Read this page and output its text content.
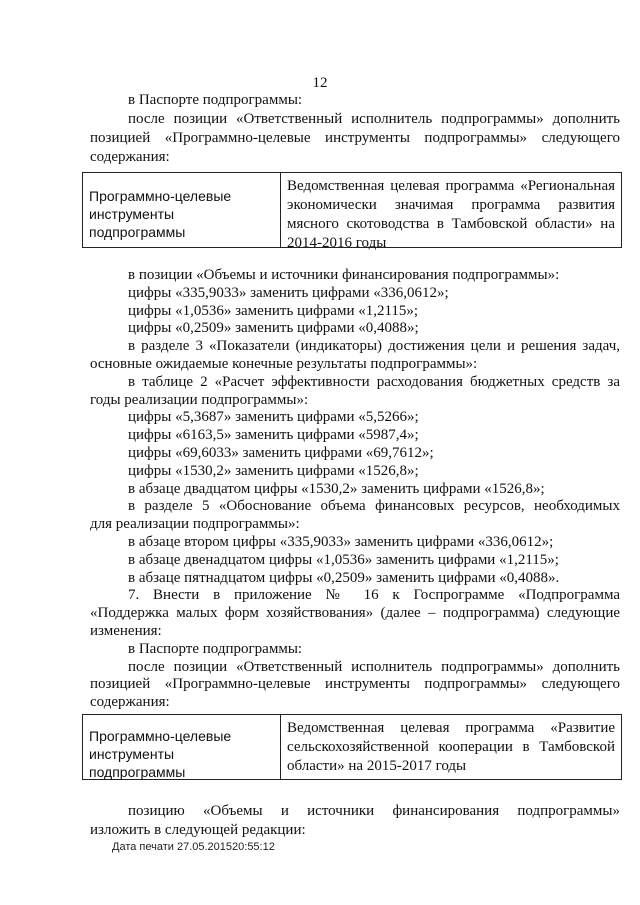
12
в Паспорте подпрограммы:
после позиции «Ответственный исполнитель подпрограммы» дополнить
позицией «Программно-целевые инструменты подпрограммы» следующего
содержания:
Программно-целевые инструменты подпрограммы
Ведомственная целевая программа «Региональная экономически значимая программа развития мясного скотоводства в Тамбовской области» на 2014-2016 годы
в позиции «Объемы и источники финансирования подпрограммы»:
цифры «335,9033» заменить цифрами «336,0612»;
цифры «1,0536» заменить цифрами «1,2115»;
цифры «0,2509» заменить цифрами «0,4088»;
в разделе 3 «Показатели (индикаторы) достижения цели и решения задач,
основные ожидаемые конечные результаты подпрограммы»:
в таблице 2 «Расчет эффективности расходования бюджетных средств за
годы реализации подпрограммы»:
цифры «5,3687» заменить цифрами «5,5266»;
цифры «6163,5» заменить цифрами «5987,4»;
цифры «69,6033» заменить цифрами «69,7612»;
цифры «1530,2» заменить цифрами «1526,8»;
в абзаце двадцатом цифры «1530,2» заменить цифрами «1526,8»;
в разделе 5 «Обоснование объема финансовых ресурсов, необходимых
для реализации подпрограммы»:
в абзаце втором цифры «335,9033» заменить цифрами «336,0612»;
в абзаце двенадцатом цифры «1,0536» заменить цифрами «1,2115»;
в абзаце пятнадцатом цифры «0,2509» заменить цифрами «0,4088».
7. Внести в приложение № 16 к Госпрограмме «Подпрограмма
«Поддержка малых форм хозяйствования» (далее – подпрограмма) следующие
изменения:
в Паспорте подпрограммы:
после позиции «Ответственный исполнитель подпрограммы» дополнить
позицией «Программно-целевые инструменты подпрограммы» следующего
содержания:
Программно-целевые инструменты подпрограммы
Ведомственная целевая программа «Развитие сельскохозяйственной кооперации в Тамбовской области» на 2015-2017 годы
позицию «Объемы и источники финансирования подпрограммы»
изложить в следующей редакции:
Дата печати 27.05.201520:55:12
